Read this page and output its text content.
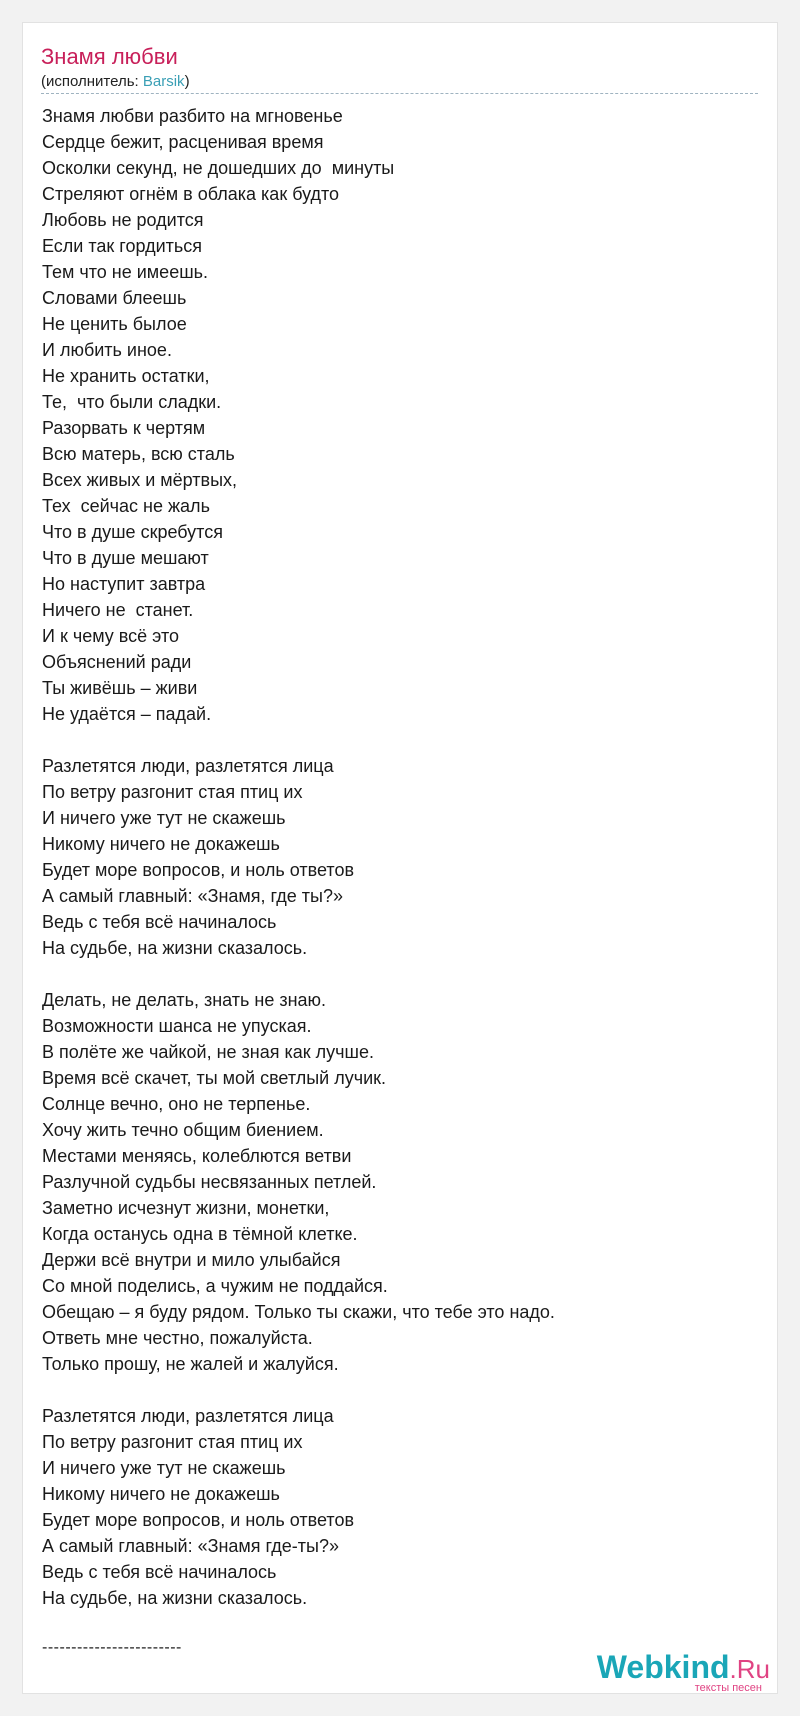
Знамя любви
(исполнитель: Barsik)
Знамя любви разбито на мгновенье
Сердце бежит, расценивая время
Осколки секунд, не дошедших до  минуты
Стреляют огнём в облака как будто
Любовь не родится
Если так гордиться
Тем что не имеешь.
Словами блеешь
Не ценить былое
И любить иное.
Не хранить остатки,
Те,  что были сладки.
Разорвать к чертям
Всю матерь, всю сталь
Всех живых и мёртвых,
Тех  сейчас не жаль
Что в душе скребутся
Что в душе мешают
Но наступит завтра
Ничего не  станет.
И к чему всё это
Объяснений ради
Ты живёшь – живи
Не удаётся – падай.
Разлетятся люди, разлетятся лица
По ветру разгонит стая птиц их
И ничего уже тут не скажешь
Никому ничего не докажешь
Будет море вопросов, и ноль ответов
А самый главный: «Знамя, где ты?»
Ведь с тебя всё начиналось
На судьбе, на жизни сказалось.
Делать, не делать, знать не знаю.
Возможности шанса не упуская.
В полёте же чайкой, не зная как лучше.
Время всё скачет, ты мой светлый лучик.
Солнце вечно, оно не терпенье.
Хочу жить течно общим биением.
Местами меняясь, колеблются ветви
Разлучной судьбы несвязанных петлей.
Заметно исчезнут жизни, монетки,
Когда останусь одна в тёмной клетке.
Держи всё внутри и мило улыбайся
Со мной поделись, а чужим не поддайся.
Обещаю – я буду рядом. Только ты скажи, что тебе это надо.
Ответь мне честно, пожалуйста.
Только прошу, не жалей и жалуйся.
Разлетятся люди, разлетятся лица
По ветру разгонит стая птиц их
И ничего уже тут не скажешь
Никому ничего не докажешь
Будет море вопросов, и ноль ответов
А самый главный: «Знамя где-ты?»
Ведь с тебя всё начиналось
На судьбе, на жизни сказалось.
------------------------
Webkind.Ru
тексты песен
